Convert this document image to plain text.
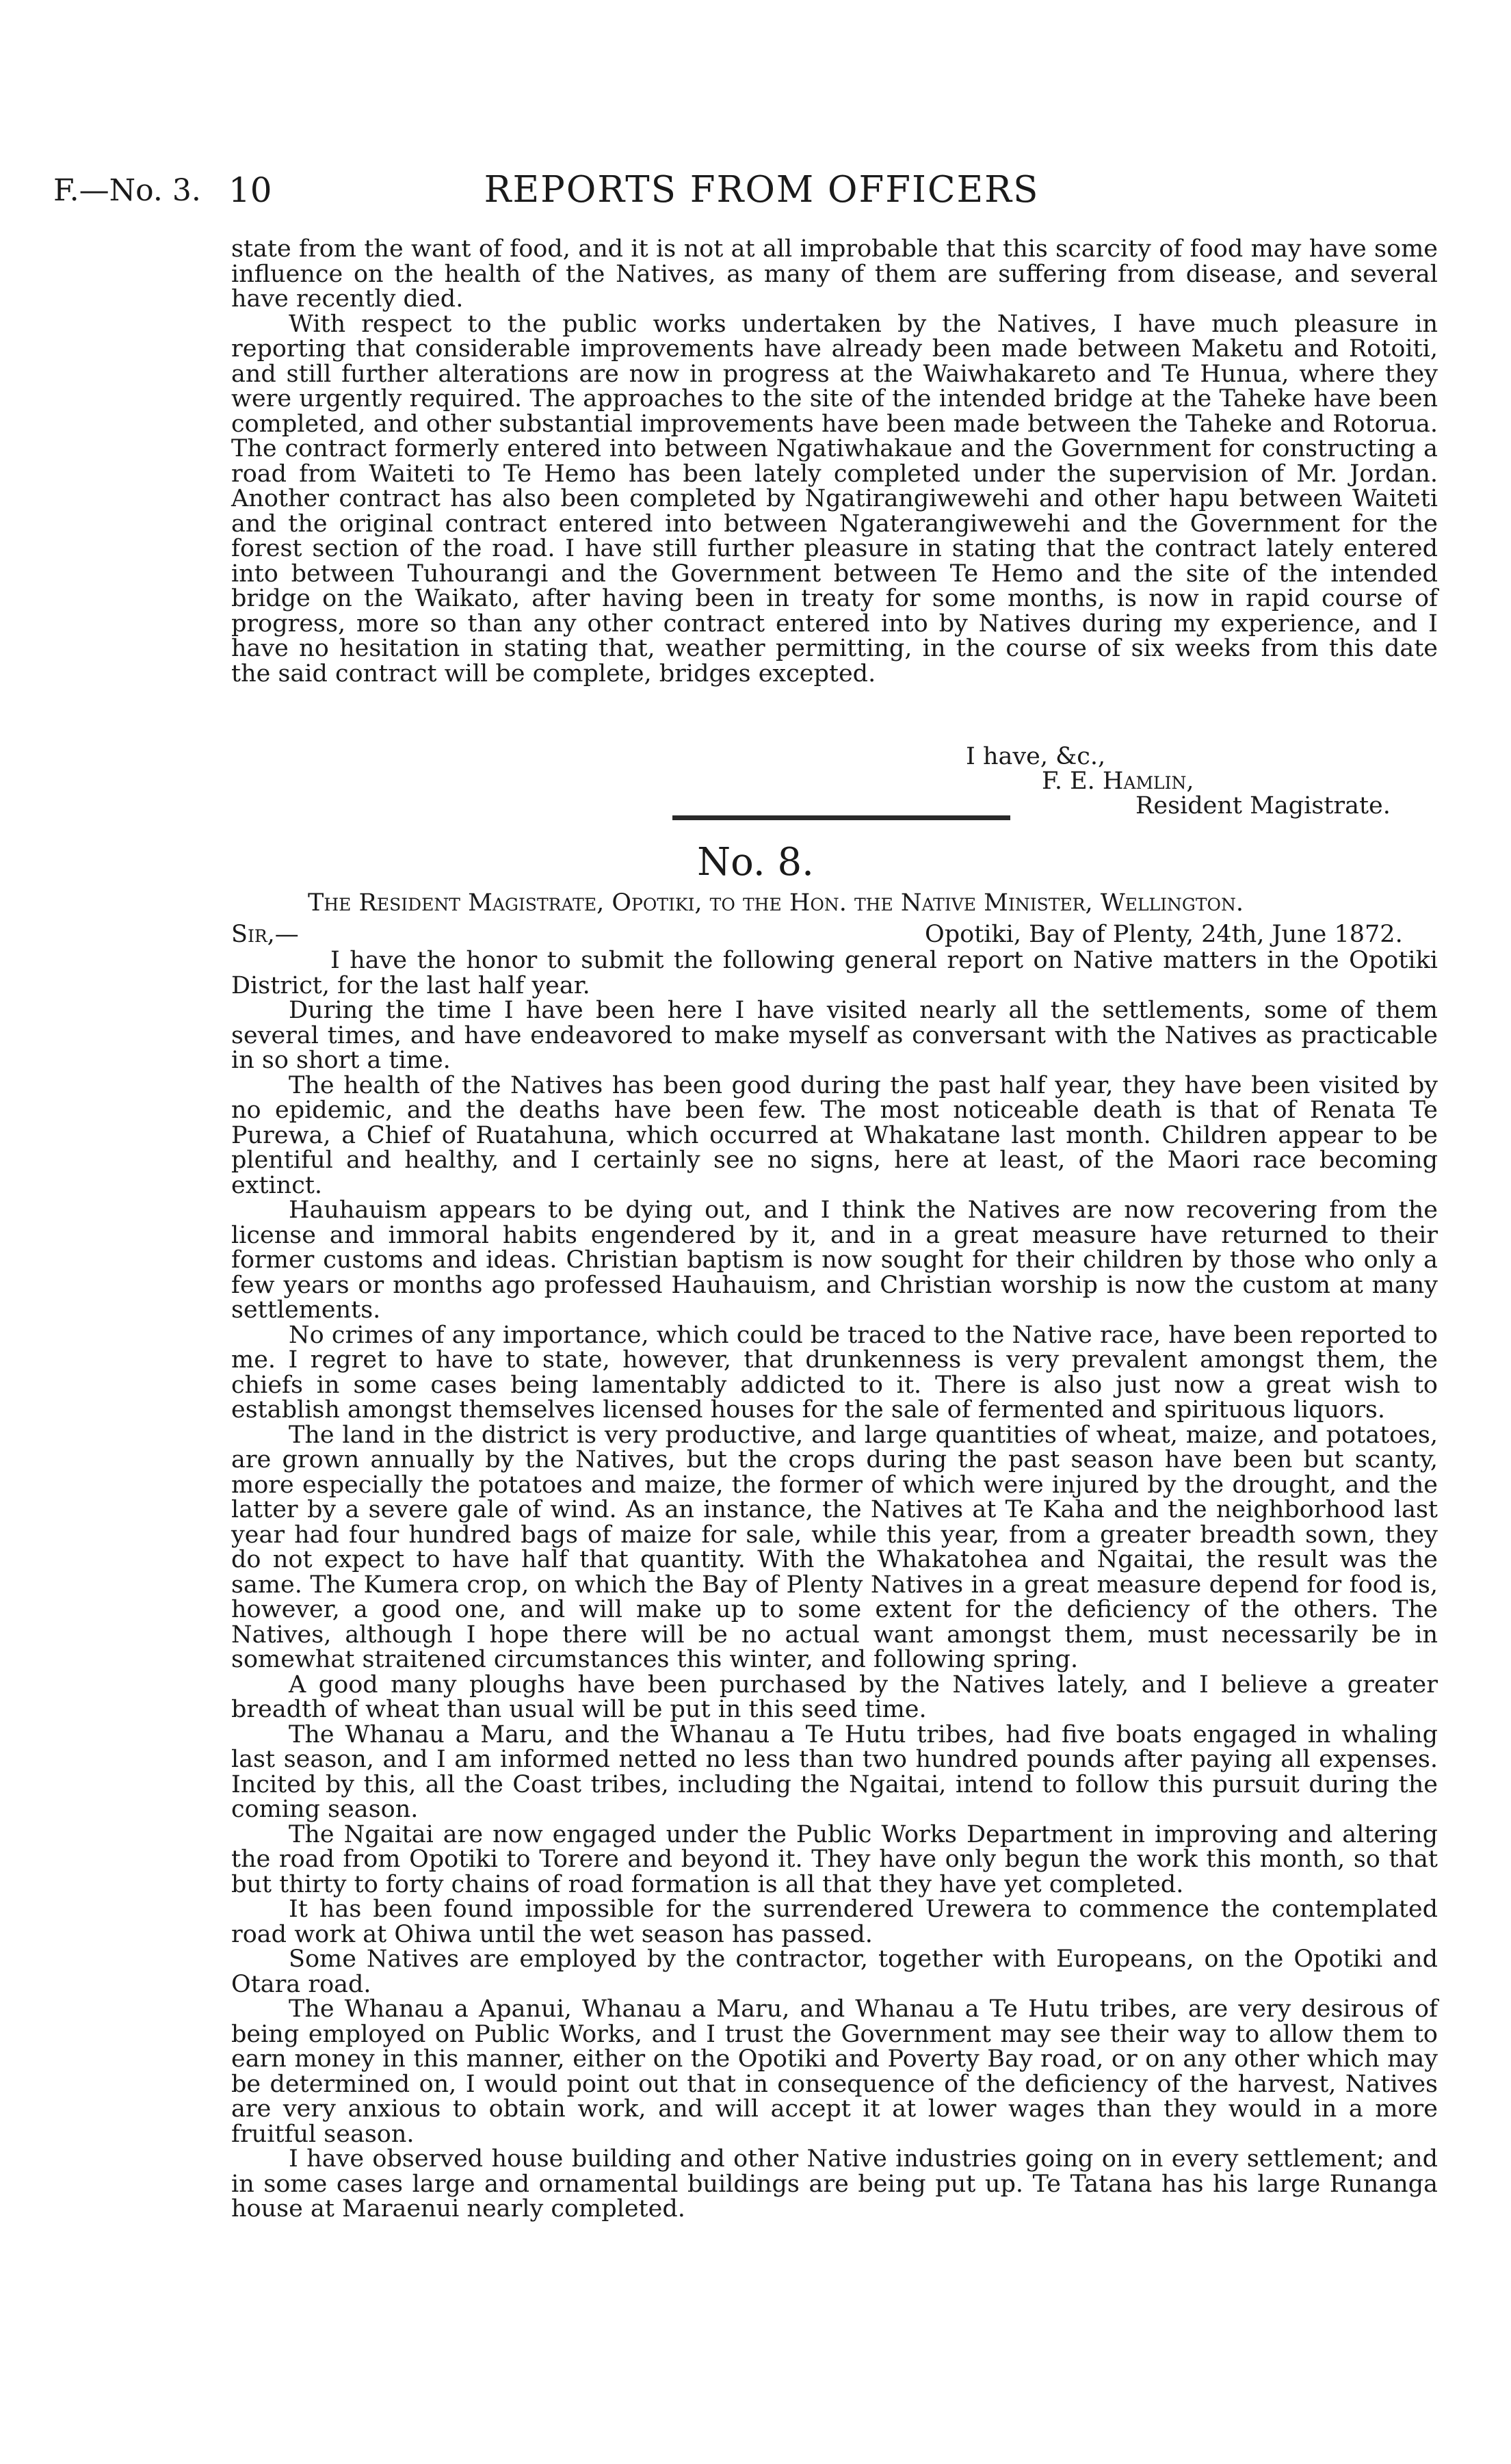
F.—No. 3. 10	REPORTS FROM OFFICERS

state from the want of food, and it is not at all improbable that this scarcity of food may have some influence on the health of the Natives, as many of them are suffering from disease, and several have recently died.

With respect to the public works undertaken by the Natives, I have much pleasure in reporting that considerable improvements have already been made between Maketu and Rotoiti, and still further alterations are now in progress at the Waiwhakareto and Te Hunua, where they were urgently required. The approaches to the site of the intended bridge at the Taheke have been completed, and other substantial improvements have been made between the Taheke and Rotorua. The contract formerly entered into between Ngatiwhakaue and the Government for constructing a road from Waiteti to Te Hemo has been lately completed under the supervision of Mr. Jordan. Another contract has also been completed by Ngatirangiwewehi and other hapu between Waiteti and the original contract entered into between Ngaterangiwewehi and the Government for the forest section of the road. I have still further pleasure in stating that the contract lately entered into between Tuhourangi and the Government between Te Hemo and the site of the intended bridge on the Waikato, after having been in treaty for some months, is now in rapid course of progress, more so than any other contract entered into by Natives during my experience, and I have no hesitation in stating that, weather permitting, in the course of six weeks from this date the said contract will be complete, bridges excepted.

I have, &c.,
F. E. Hamlin,
Resident Magistrate.
No. 8.
The Resident Magistrate, Opotiki, to the Hon. the Native Minister, Wellington.
Sir,—	Opotiki, Bay of Plenty, 24th, June 1872.

I have the honor to submit the following general report on Native matters in the Opotiki District, for the last half year.

During the time I have been here I have visited nearly all the settlements, some of them several times, and have endeavored to make myself as conversant with the Natives as practicable in so short a time.

The health of the Natives has been good during the past half year, they have been visited by no epidemic, and the deaths have been few. The most noticeable death is that of Renata Te Purewa, a Chief of Ruatahuna, which occurred at Whakatane last month. Children appear to be plentiful and healthy, and I certainly see no signs, here at least, of the Maori race becoming extinct.

Hauhauism appears to be dying out, and I think the Natives are now recovering from the license and immoral habits engendered by it, and in a great measure have returned to their former customs and ideas. Christian baptism is now sought for their children by those who only a few years or months ago professed Hauhauism, and Christian worship is now the custom at many settlements.

No crimes of any importance, which could be traced to the Native race, have been reported to me. I regret to have to state, however, that drunkenness is very prevalent amongst them, the chiefs in some cases being lamentably addicted to it. There is also just now a great wish to establish amongst themselves licensed houses for the sale of fermented and spirituous liquors.

The land in the district is very productive, and large quantities of wheat, maize, and potatoes, are grown annually by the Natives, but the crops during the past season have been but scanty, more especially the potatoes and maize, the former of which were injured by the drought, and the latter by a severe gale of wind. As an instance, the Natives at Te Kaha and the neighborhood last year had four hundred bags of maize for sale, while this year, from a greater breadth sown, they do not expect to have half that quantity. With the Whakatohea and Ngaitai, the result was the same. The Kumera crop, on which the Bay of Plenty Natives in a great measure depend for food is, however, a good one, and will make up to some extent for the deficiency of the others. The Natives, although I hope there will be no actual want amongst them, must necessarily be in somewhat straitened circumstances this winter, and following spring.

A good many ploughs have been purchased by the Natives lately, and I believe a greater breadth of wheat than usual will be put in this seed time.

The Whanau a Maru, and the Whanau a Te Hutu tribes, had five boats engaged in whaling last season, and I am informed netted no less than two hundred pounds after paying all expenses. Incited by this, all the Coast tribes, including the Ngaitai, intend to follow this pursuit during the coming season.

The Ngaitai are now engaged under the Public Works Department in improving and altering the road from Opotiki to Torere and beyond it. They have only begun the work this month, so that but thirty to forty chains of road formation is all that they have yet completed.

It has been found impossible for the surrendered Urewera to commence the contemplated road work at Ohiwa until the wet season has passed.

Some Natives are employed by the contractor, together with Europeans, on the Opotiki and Otara road.

The Whanau a Apanui, Whanau a Maru, and Whanau a Te Hutu tribes, are very desirous of being employed on Public Works, and I trust the Government may see their way to allow them to earn money in this manner, either on the Opotiki and Poverty Bay road, or on any other which may be determined on, I would point out that in consequence of the deficiency of the harvest, Natives are very anxious to obtain work, and will accept it at lower wages than they would in a more fruitful season.

I have observed house building and other Native industries going on in every settlement; and in some cases large and ornamental buildings are being put up. Te Tatana has his large Runanga house at Maraenui nearly completed.
